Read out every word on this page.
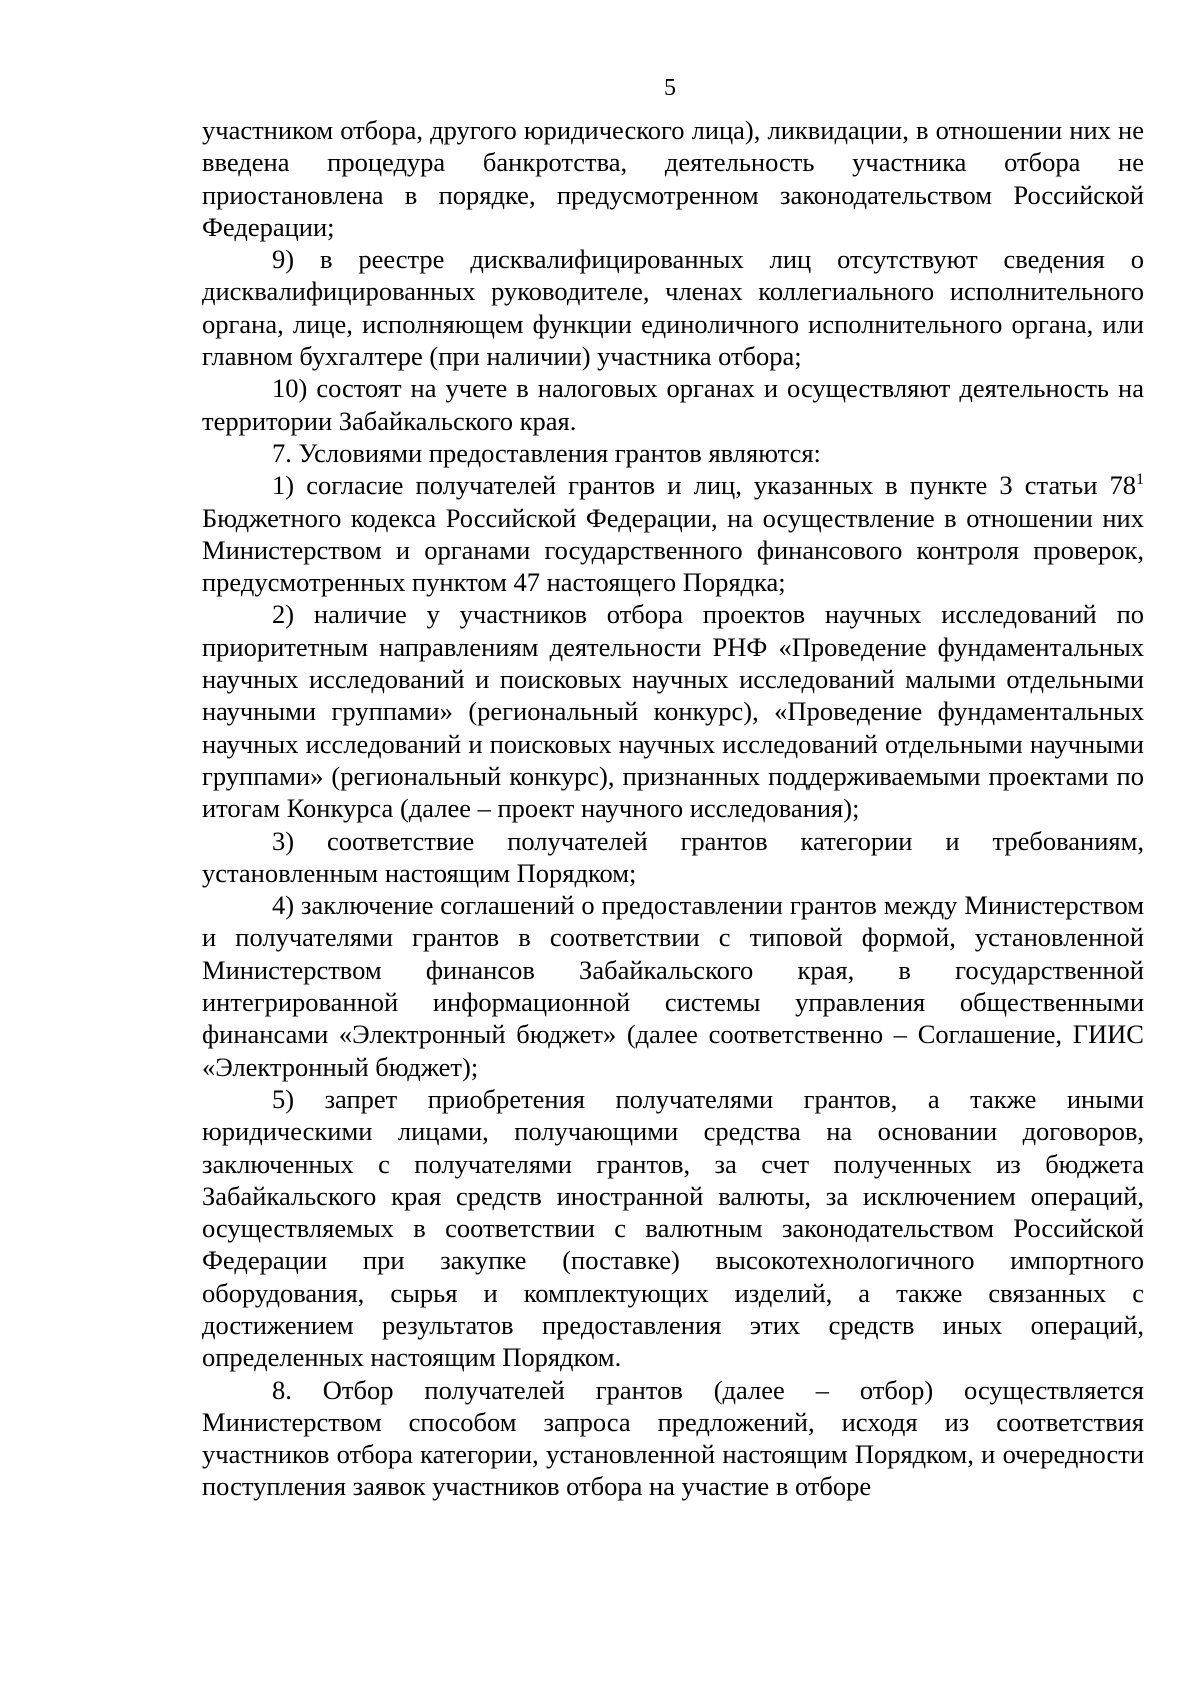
5

участником отбора, другого юридического лица), ликвидации, в отношении них не введена процедура банкротства, деятельность участника отбора не приостановлена в порядке, предусмотренном законодательством Российской Федерации;

9) в реестре дисквалифицированных лиц отсутствуют сведения о дисквалифицированных руководителе, членах коллегиального исполнительного органа, лице, исполняющем функции единоличного исполнительного органа, или главном бухгалтере (при наличии) участника отбора;

10) состоят на учете в налоговых органах и осуществляют деятельность на территории Забайкальского края.

7. Условиями предоставления грантов являются:

1) согласие получателей грантов и лиц, указанных в пункте 3 статьи $78^1$ Бюджетного кодекса Российской Федерации, на осуществление в отношении них Министерством и органами государственного финансового контроля проверок, предусмотренных пунктом 47 настоящего Порядка;

2) наличие у участников отбора проектов научных исследований по приоритетным направлениям деятельности РНФ «Проведение фундаментальных научных исследований и поисковых научных исследований малыми отдельными научными группами» (региональный конкурс), «Проведение фундаментальных научных исследований и поисковых научных исследований отдельными научными группами» (региональный конкурс), признанных поддерживаемыми проектами по итогам Конкурса (далее – проект научного исследования);

3) соответствие получателей грантов категории и требованиям, установленным настоящим Порядком;

4) заключение соглашений о предоставлении грантов между Министерством и получателями грантов в соответствии с типовой формой, установленной Министерством финансов Забайкальского края, в государственной интегрированной информационной системы управления общественными финансами «Электронный бюджет» (далее соответственно – Соглашение, ГИИС «Электронный бюджет);

5) запрет приобретения получателями грантов, а также иными юридическими лицами, получающими средства на основании договоров, заключенных с получателями грантов, за счет полученных из бюджета Забайкальского края средств иностранной валюты, за исключением операций, осуществляемых в соответствии с валютным законодательством Российской Федерации при закупке (поставке) высокотехнологичного импортного оборудования, сырья и комплектующих изделий, а также связанных с достижением результатов предоставления этих средств иных операций, определенных настоящим Порядком.

8. Отбор получателей грантов (далее – отбор) осуществляется Министерством способом запроса предложений, исходя из соответствия участников отбора категории, установленной настоящим Порядком, и очередности поступления заявок участников отбора на участие в отборе
